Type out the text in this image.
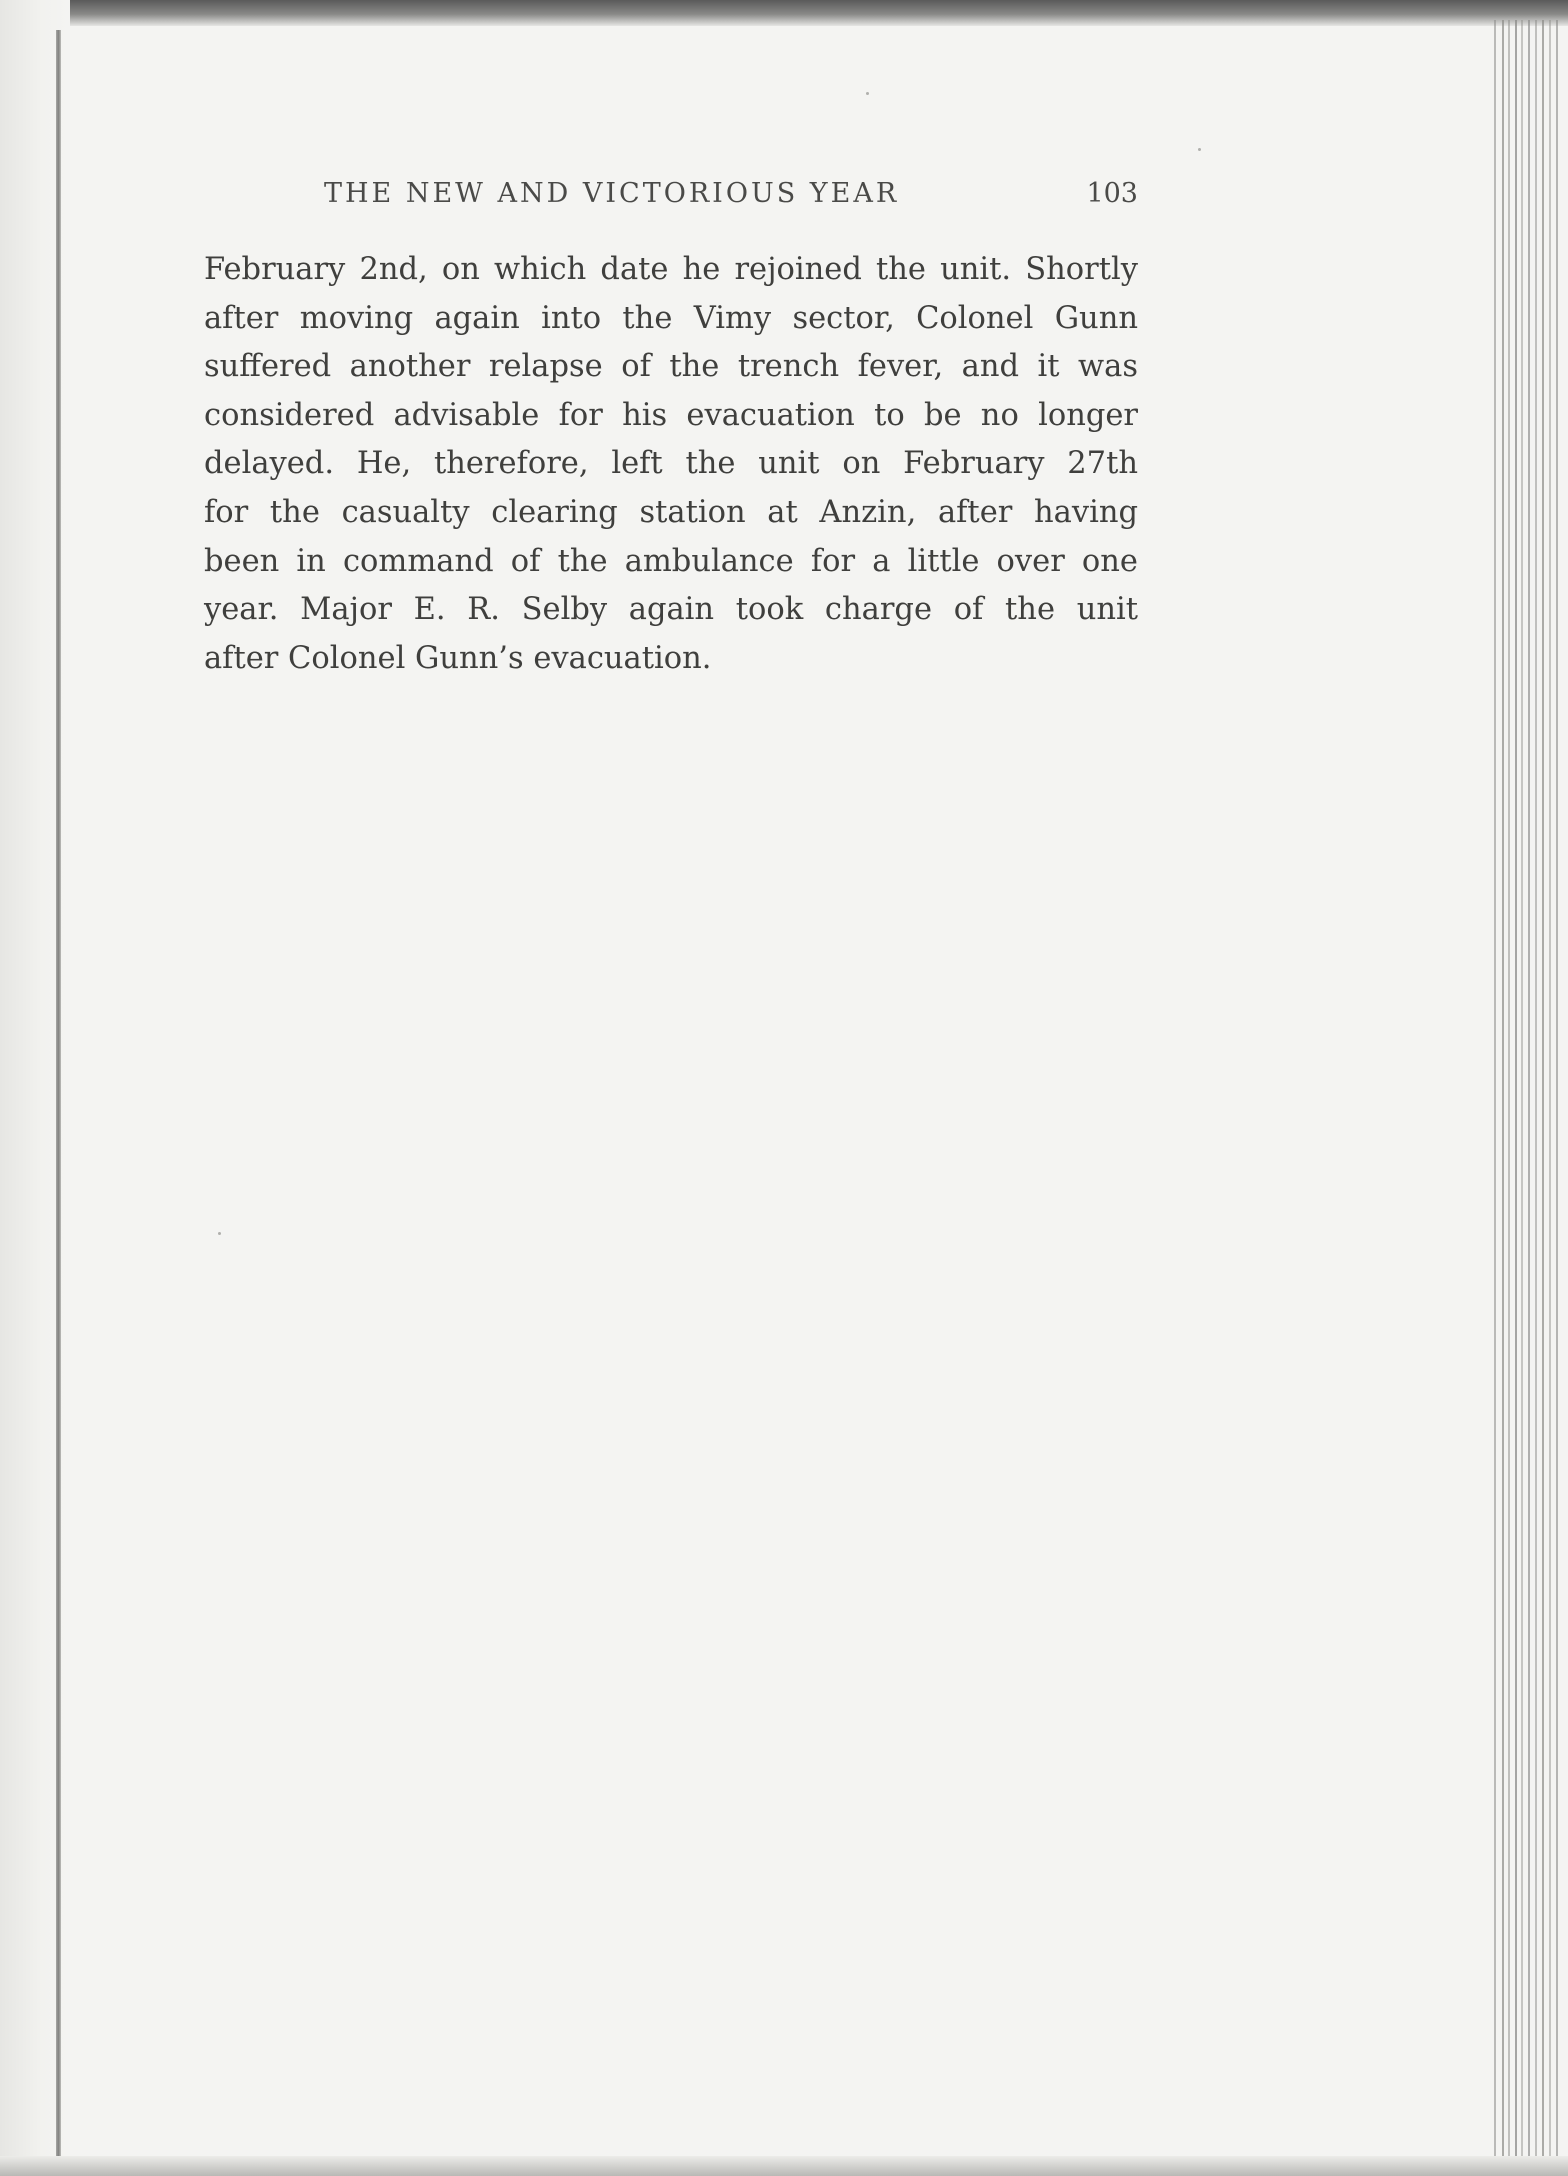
THE NEW AND VICTORIOUS YEAR	103
February 2nd, on which date he rejoined the unit. Shortly
after moving again into the Vimy sector, Colonel Gunn
suffered another relapse of the trench fever, and it was
considered advisable for his evacuation to be no longer
delayed. He, therefore, left the unit on February 27th
for the casualty clearing station at Anzin, after having
been in command of the ambulance for a little over one
year. Major E. R. Selby again took charge of the unit
after Colonel Gunn’s evacuation.
